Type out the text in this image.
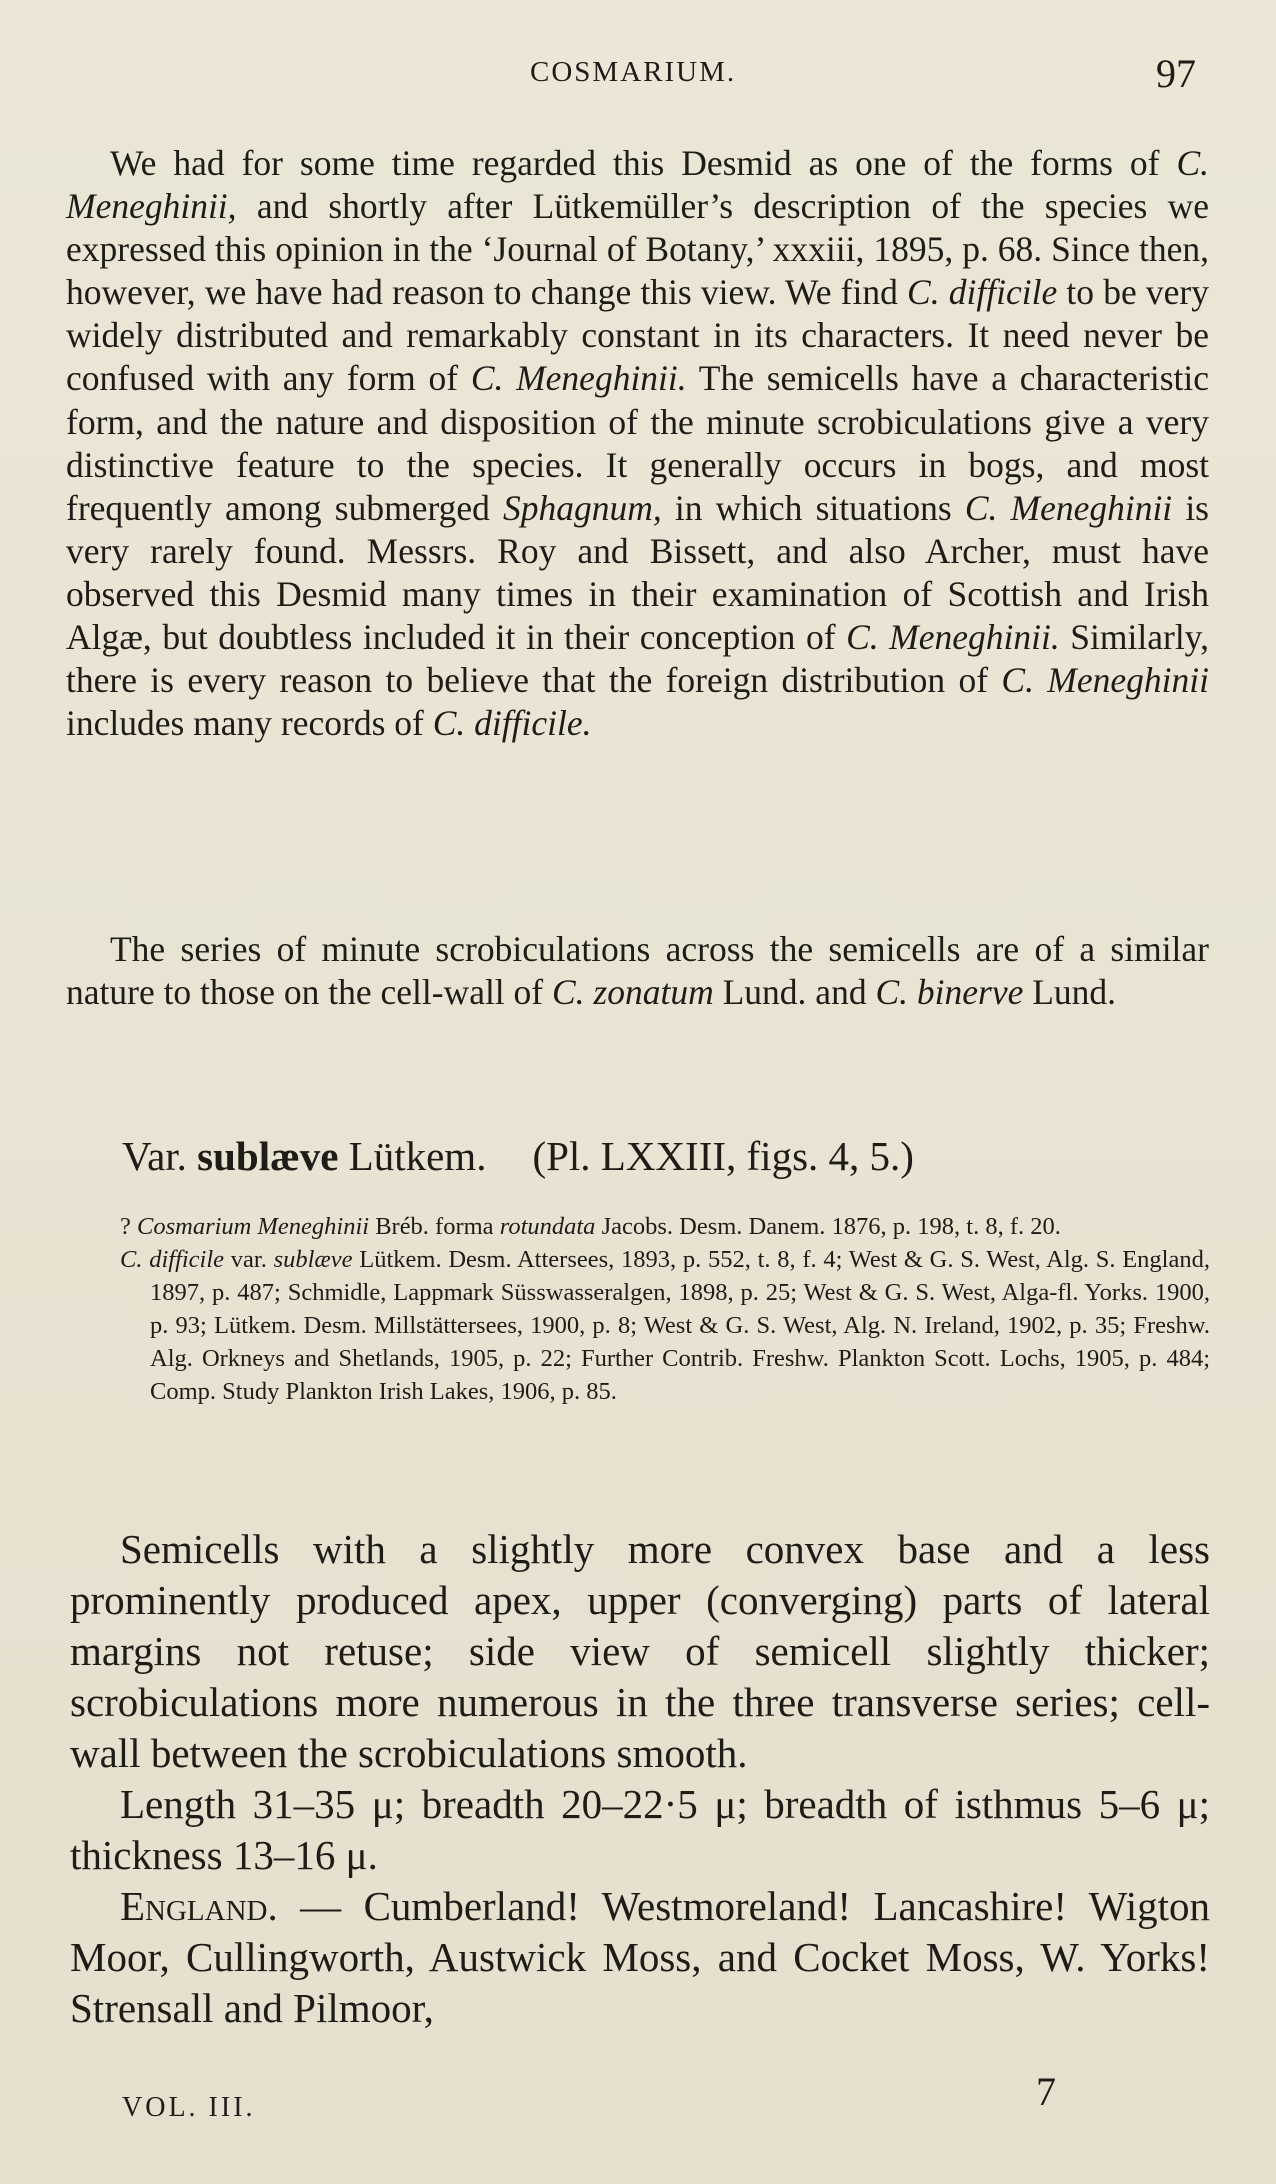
COSMARIUM.	97

We had for some time regarded this Desmid as one of the forms of C. Meneghinii, and shortly after Lütkemüller’s description of the species we expressed this opinion in the ‘Journal of Botany,’ xxxiii, 1895, p. 68. Since then, however, we have had reason to change this view. We find C. difficile to be very widely distributed and remarkably constant in its characters. It need never be confused with any form of C. Meneghinii. The semicells have a characteristic form, and the nature and disposition of the minute scrobiculations give a very distinctive feature to the species. It generally occurs in bogs, and most frequently among submerged Sphagnum, in which situations C. Meneghinii is very rarely found. Messrs. Roy and Bissett, and also Archer, must have observed this Desmid many times in their examination of Scottish and Irish Algæ, but doubtless included it in their conception of C. Meneghinii. Similarly, there is every reason to believe that the foreign distribution of C. Meneghinii includes many records of C. difficile.

The series of minute scrobiculations across the semicells are of a similar nature to those on the cell-wall of C. zonatum Lund. and C. binerve Lund.

Var. sublæve Lütkem. (Pl. LXXIII, figs. 4, 5.)

? Cosmarium Meneghinii Bréb. forma rotundata Jacobs. Desm. Danem. 1876, p. 198, t. 8, f. 20.

C. difficile var. sublæve Lütkem. Desm. Attersees, 1893, p. 552, t. 8, f. 4; West & G. S. West, Alg. S. England, 1897, p. 487; Schmidle, Lappmark Süsswasseralgen, 1898, p. 25; West & G. S. West, Alga-fl. Yorks. 1900, p. 93; Lütkem. Desm. Millstättersees, 1900, p. 8; West & G. S. West, Alg. N. Ireland, 1902, p. 35; Freshw. Alg. Orkneys and Shetlands, 1905, p. 22; Further Contrib. Freshw. Plankton Scott. Lochs, 1905, p. 484; Comp. Study Plankton Irish Lakes, 1906, p. 85.

Semicells with a slightly more convex base and a less prominently produced apex, upper (converging) parts of lateral margins not retuse; side view of semicell slightly thicker; scrobiculations more numerous in the three transverse series; cell-wall between the scrobiculations smooth.

Length 31–35 μ; breadth 20–22·5 μ; breadth of isthmus 5–6 μ; thickness 13–16 μ.

England. — Cumberland! Westmoreland! Lancashire! Wigton Moor, Cullingworth, Austwick Moss, and Cocket Moss, W. Yorks! Strensall and Pilmoor,

VOL. III.	7
